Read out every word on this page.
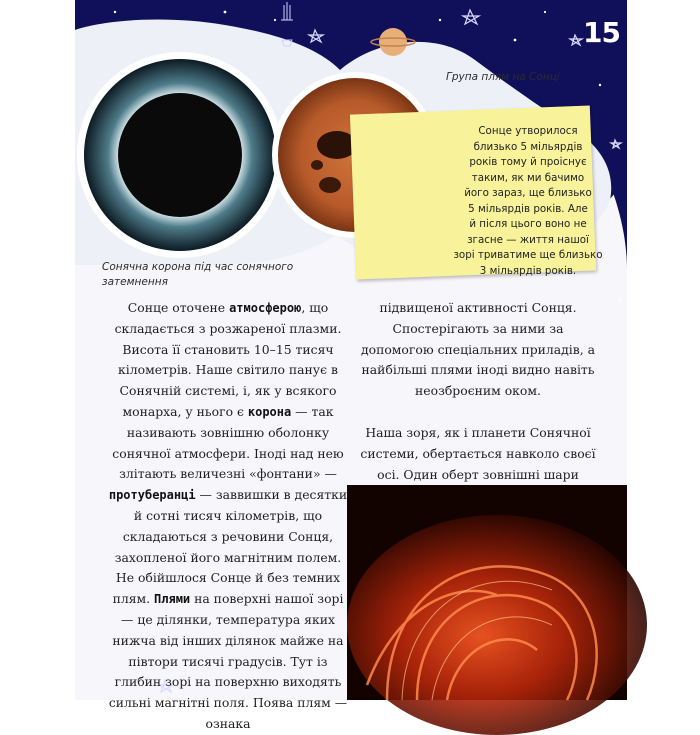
15
Група плям на Сонці
Сонячна корона під час сонячного затемнення
Сонце утворилося
близько 5 мільярдів
років тому й проіснує
таким, як ми бачимо
його зараз, ще близько
5 мільярдів років. Але
й після цього воно не
згасне — життя нашої
зорі триватиме ще близько
3 мільярдів років.

Сонце оточене атмосферою, що складається з розжареної плазми. Висота її становить 10–15 тисяч кілометрів. Наше світило панує в Сонячній системі, і, як у всякого монарха, у нього є корона — так називають зовнішню оболонку сонячної атмосфери. Іноді над нею злітають величезні «фонтани» — протуберанці — заввишки в десятки й сотні тисяч кілометрів, що складаються з речовини Сонця, захопленої його магнітним полем.

Не обійшлося Сонце й без темних плям. Плями на поверхні нашої зорі — це ділянки, температура яких нижча від інших ділянок майже на півтори тисячі градусів. Тут із глибин зорі на поверхню виходять сильні магнітні поля. Поява плям — ознака

підвищеної активності Сонця. Спостерігають за ними за допомогою спеціальних приладів, а найбільші плями іноді видно навіть неозброєним оком.

Наша зоря, як і планети Сонячної системи, обертається навколо своєї осі. Один оберт зовнішні шари
